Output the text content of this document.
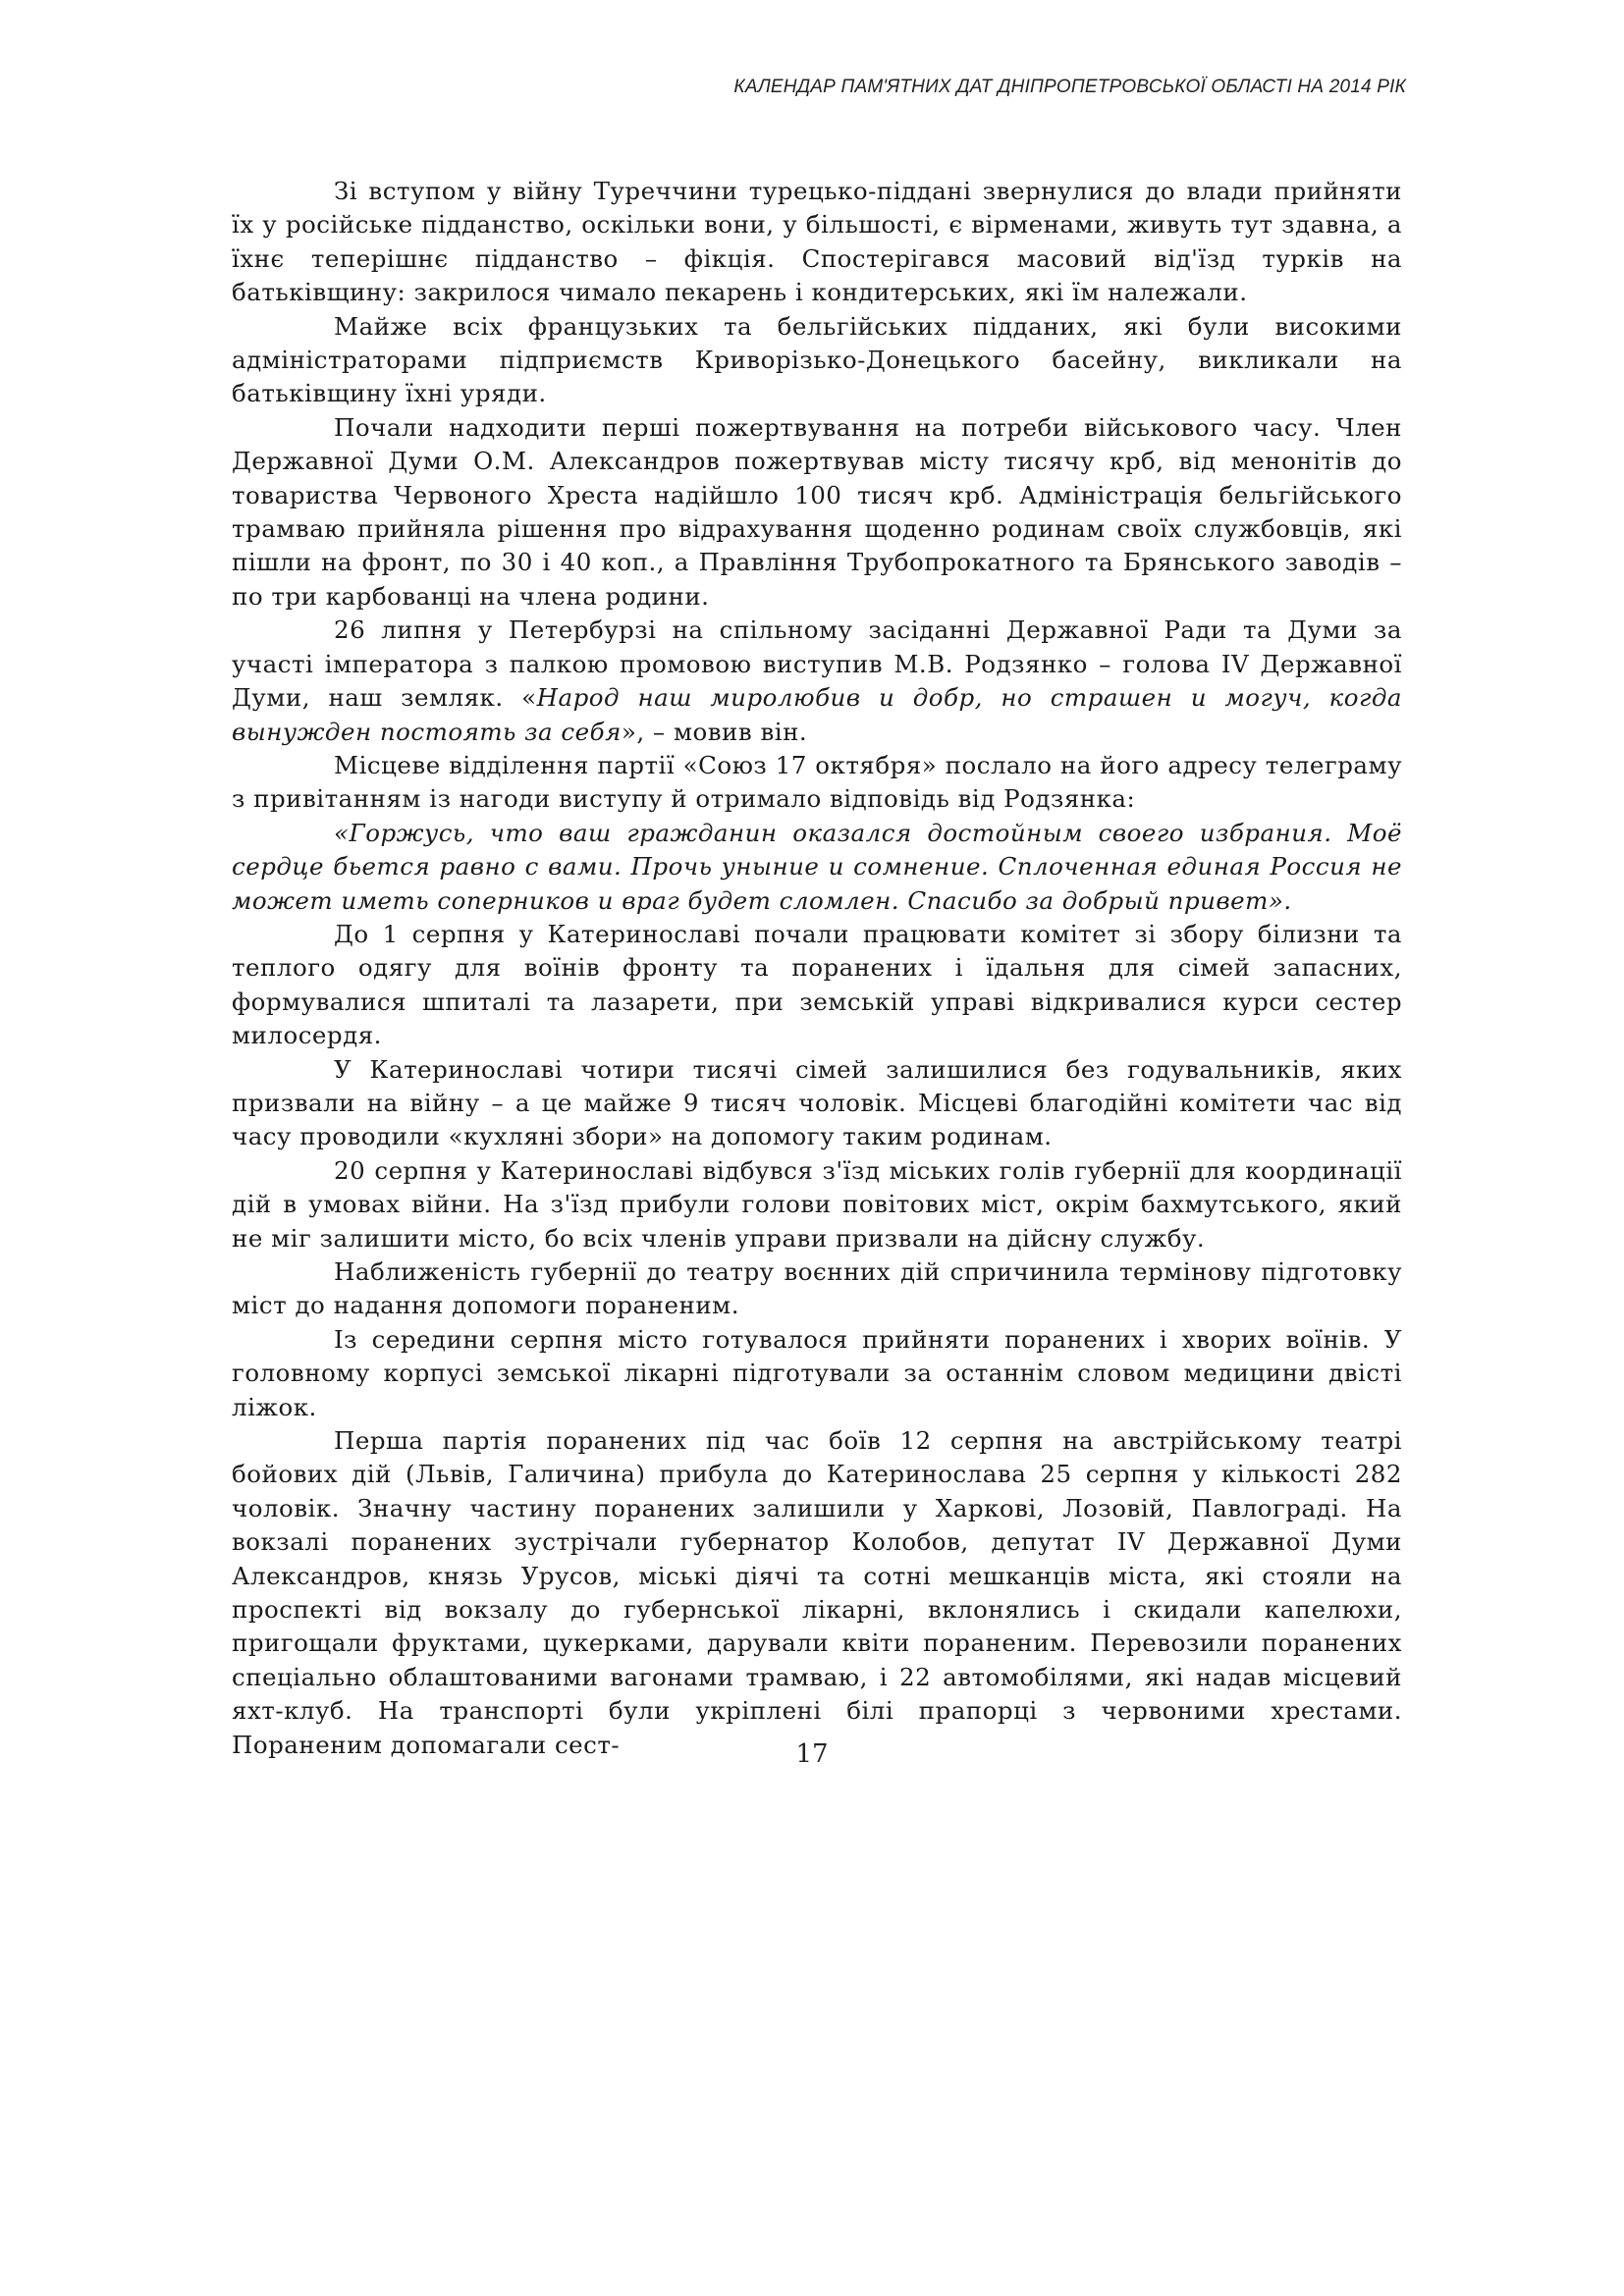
КАЛЕНДАР ПАМ'ЯТНИХ ДАТ ДНІПРОПЕТРОВСЬКОЇ ОБЛАСТІ НА 2014 РІК

Зі вступом у війну Туреччини турецько-піддані звернулися до влади прийняти їх у російське підданство, оскільки вони, у більшості, є вірменами, живуть тут здавна, а їхнє теперішнє підданство – фікція. Спостерігався масовий від'їзд турків на батьківщину: закрилося чимало пекарень і кондитерських, які їм належали.

Майже всіх французьких та бельгійських підданих, які були високими адміністраторами підприємств Криворізько-Донецького басейну, викликали на батьківщину їхні уряди.

Почали надходити перші пожертвування на потреби військового часу. Член Державної Думи О.М. Александров пожертвував місту тисячу крб, від менонітів до товариства Червоного Хреста надійшло 100 тисяч крб. Адміністрація бельгійського трамваю прийняла рішення про відрахування щоденно родинам своїх службовців, які пішли на фронт, по 30 і 40 коп., а Правління Трубопрокатного та Брянського заводів – по три карбованці на члена родини.

26 липня у Петербурзі на спільному засіданні Державної Ради та Думи за участі імператора з палкою промовою виступив М.В. Родзянко – голова IV Державної Думи, наш земляк. «Народ наш миролюбив и добр, но страшен и могуч, когда вынужден постоять за себя», – мовив він.

Місцеве відділення партії «Союз 17 октября» послало на його адресу телеграму з привітанням із нагоди виступу й отримало відповідь від Родзянка:

«Горжусь, что ваш гражданин оказался достойным своего избрания. Моё сердце бьется равно с вами. Прочь уныние и сомнение. Сплоченная единая Россия не может иметь соперников и враг будет сломлен. Спасибо за добрый привет».

До 1 серпня у Катеринославі почали працювати комітет зі збору білизни та теплого одягу для воїнів фронту та поранених і їдальня для сімей запасних, формувалися шпиталі та лазарети, при земській управі відкривалися курси сестер милосердя.

У Катеринославі чотири тисячі сімей залишилися без годувальників, яких призвали на війну – а це майже 9 тисяч чоловік. Місцеві благодійні комітети час від часу проводили «кухляні збори» на допомогу таким родинам.

20 серпня у Катеринославі відбувся з'їзд міських голів губернії для координації дій в умовах війни. На з'їзд прибули голови повітових міст, окрім бахмутського, який не міг залишити місто, бо всіх членів управи призвали на дійсну службу.

Наближеність губернії до театру воєнних дій спричинила термінову підготовку міст до надання допомоги пораненим.

Із середини серпня місто готувалося прийняти поранених і хворих воїнів. У головному корпусі земської лікарні підготували за останнім словом медицини двісті ліжок.

Перша партія поранених під час боїв 12 серпня на австрійському театрі бойових дій (Львів, Галичина) прибула до Катеринослава 25 серпня у кількості 282 чоловік. Значну частину поранених залишили у Харкові, Лозовій, Павлограді. На вокзалі поранених зустрічали губернатор Колобов, депутат IV Державної Думи Александров, князь Урусов, міські діячі та сотні мешканців міста, які стояли на проспекті від вокзалу до губернської лікарні, вклонялись і скидали капелюхи, пригощали фруктами, цукерками, дарували квіти пораненим. Перевозили поранених спеціально облаштованими вагонами трамваю, і 22 автомобілями, які надав місцевий яхт-клуб. На транспорті були укріплені білі прапорці з червоними хрестами. Пораненим допомагали сест-	17
